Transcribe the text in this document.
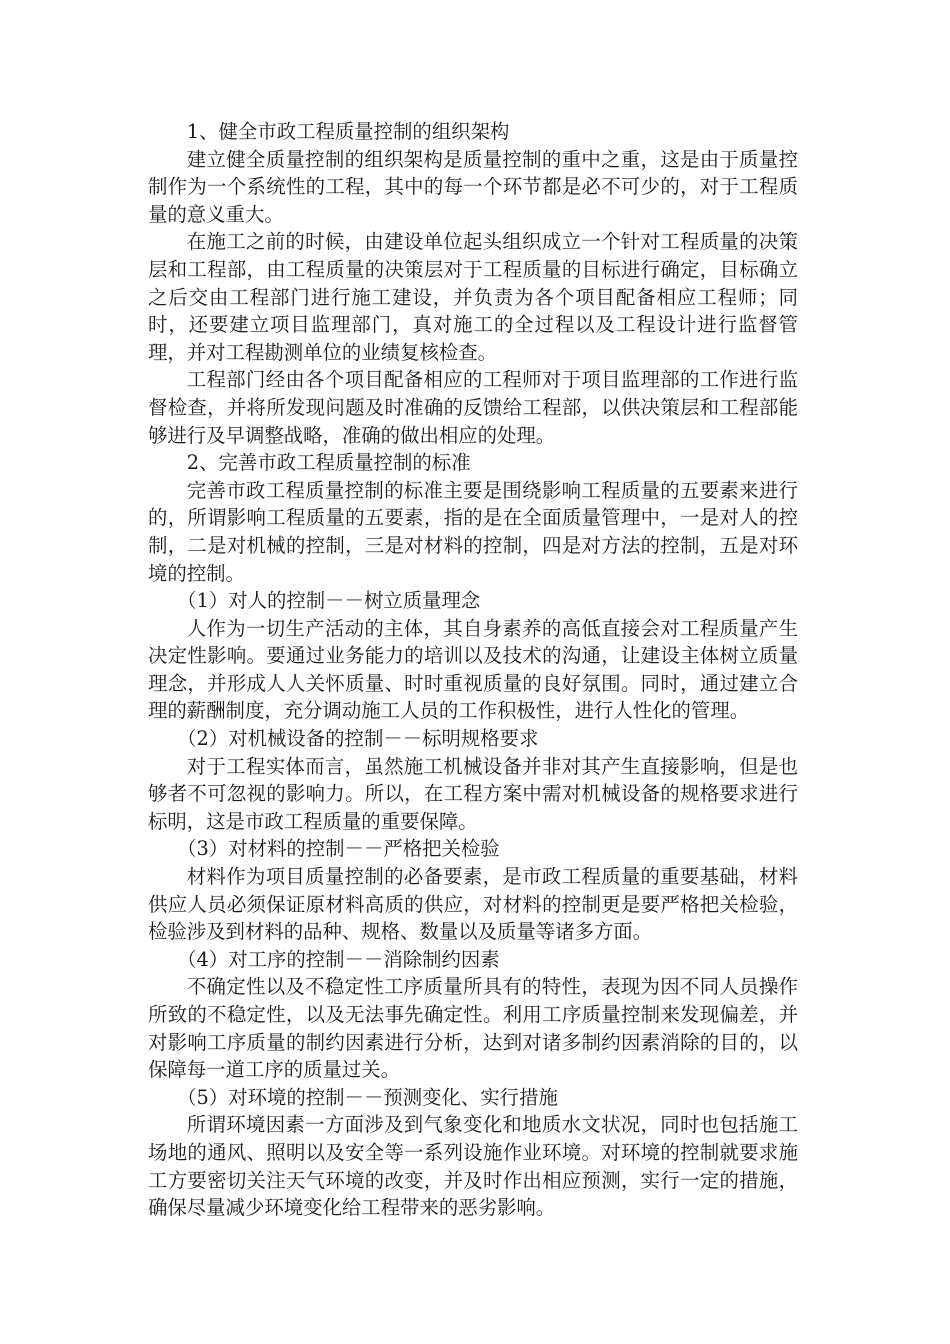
1、健全市政工程质量控制的组织架构

建立健全质量控制的组织架构是质量控制的重中之重，这是由于质量控制作为一个系统性的工程，其中的每一个环节都是必不可少的，对于工程质量的意义重大。

在施工之前的时候，由建设单位起头组织成立一个针对工程质量的决策层和工程部，由工程质量的决策层对于工程质量的目标进行确定，目标确立之后交由工程部门进行施工建设，并负责为各个项目配备相应工程师；同时，还要建立项目监理部门，真对施工的全过程以及工程设计进行监督管理，并对工程勘测单位的业绩复核检查。

工程部门经由各个项目配备相应的工程师对于项目监理部的工作进行监督检查，并将所发现问题及时准确的反馈给工程部，以供决策层和工程部能够进行及早调整战略，准确的做出相应的处理。

2、完善市政工程质量控制的标准

完善市政工程质量控制的标准主要是围绕影响工程质量的五要素来进行的，所谓影响工程质量的五要素，指的是在全面质量管理中，一是对人的控制，二是对机械的控制，三是对材料的控制，四是对方法的控制，五是对环境的控制。

（1）对人的控制－－树立质量理念

人作为一切生产活动的主体，其自身素养的高低直接会对工程质量产生决定性影响。要通过业务能力的培训以及技术的沟通，让建设主体树立质量理念，并形成人人关怀质量、时时重视质量的良好氛围。同时，通过建立合理的薪酬制度，充分调动施工人员的工作积极性，进行人性化的管理。

（2）对机械设备的控制－－标明规格要求

对于工程实体而言，虽然施工机械设备并非对其产生直接影响，但是也够者不可忽视的影响力。所以，在工程方案中需对机械设备的规格要求进行标明，这是市政工程质量的重要保障。

（3）对材料的控制－－严格把关检验

材料作为项目质量控制的必备要素，是市政工程质量的重要基础，材料供应人员必须保证原材料高质的供应，对材料的控制更是要严格把关检验，检验涉及到材料的品种、规格、数量以及质量等诸多方面。

（4）对工序的控制－－消除制约因素

不确定性以及不稳定性工序质量所具有的特性，表现为因不同人员操作所致的不稳定性，以及无法事先确定性。利用工序质量控制来发现偏差，并对影响工序质量的制约因素进行分析，达到对诸多制约因素消除的目的，以保障每一道工序的质量过关。

（5）对环境的控制－－预测变化、实行措施

所谓环境因素一方面涉及到气象变化和地质水文状况，同时也包括施工场地的通风、照明以及安全等一系列设施作业环境。对环境的控制就要求施工方要密切关注天气环境的改变，并及时作出相应预测，实行一定的措施，确保尽量减少环境变化给工程带来的恶劣影响。
